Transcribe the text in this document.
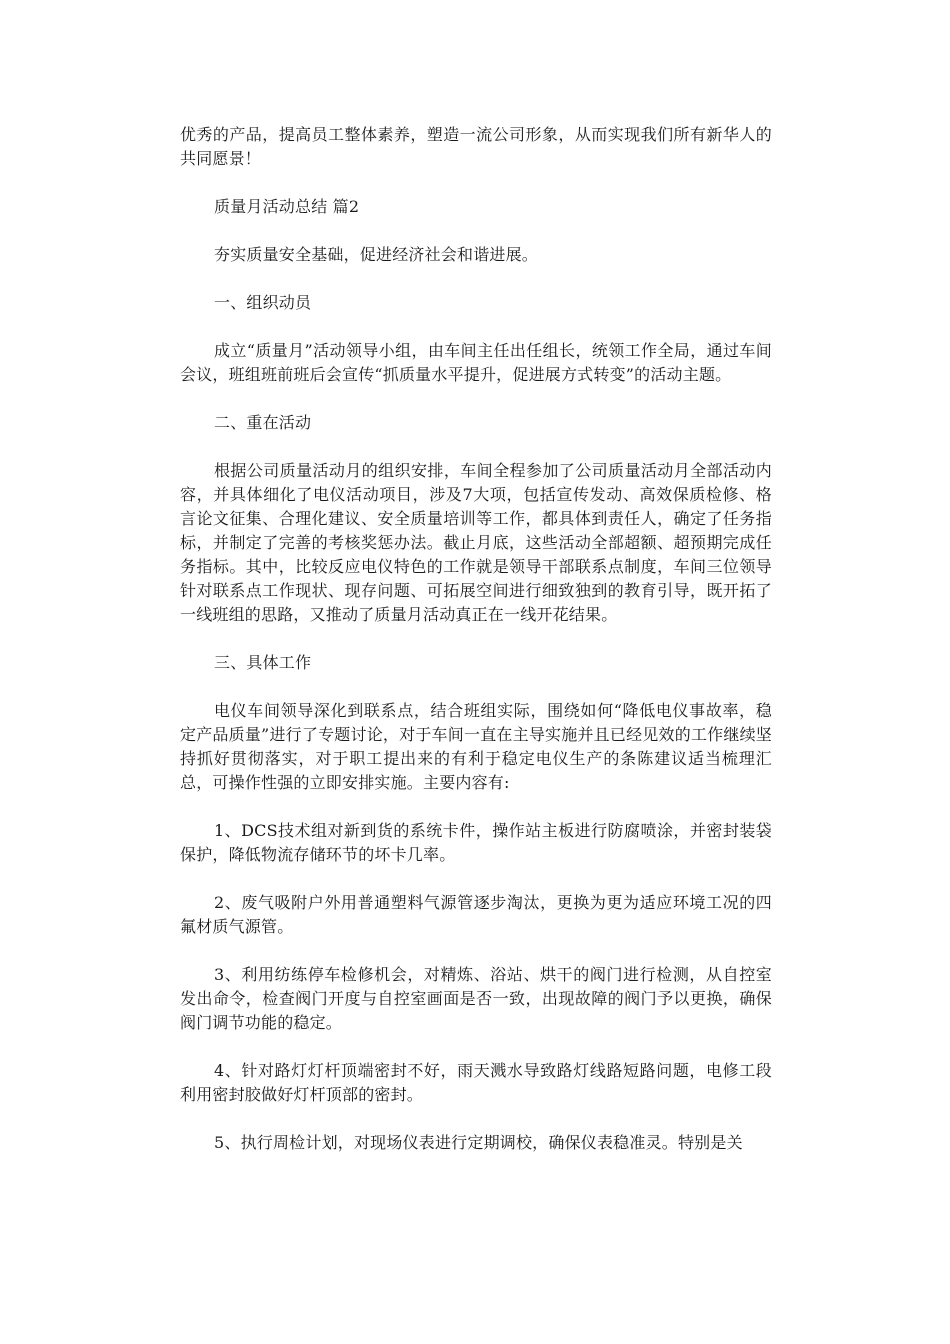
优秀的产品，提高员工整体素养，塑造一流公司形象，从而实现我们所有新华人的共同愿景！

质量月活动总结 篇2

夯实质量安全基础，促进经济社会和谐进展。

一、组织动员

成立“质量月”活动领导小组，由车间主任出任组长，统领工作全局，通过车间会议，班组班前班后会宣传“抓质量水平提升，促进展方式转变”的活动主题。

二、重在活动

根据公司质量活动月的组织安排，车间全程参加了公司质量活动月全部活动内容，并具体细化了电仪活动项目，涉及7大项，包括宣传发动、高效保质检修、格言论文征集、合理化建议、安全质量培训等工作，都具体到责任人，确定了任务指标，并制定了完善的考核奖惩办法。截止月底，这些活动全部超额、超预期完成任务指标。其中，比较反应电仪特色的工作就是领导干部联系点制度，车间三位领导针对联系点工作现状、现存问题、可拓展空间进行细致独到的教育引导，既开拓了一线班组的思路，又推动了质量月活动真正在一线开花结果。

三、具体工作

电仪车间领导深化到联系点，结合班组实际，围绕如何“降低电仪事故率，稳定产品质量”进行了专题讨论，对于车间一直在主导实施并且已经见效的工作继续坚持抓好贯彻落实，对于职工提出来的有利于稳定电仪生产的条陈建议适当梳理汇总，可操作性强的立即安排实施。主要内容有:

1、DCS技术组对新到货的系统卡件，操作站主板进行防腐喷涂，并密封装袋保护，降低物流存储环节的坏卡几率。

2、废气吸附户外用普通塑料气源管逐步淘汰，更换为更为适应环境工况的四氟材质气源管。

3、利用纺练停车检修机会，对精炼、浴站、烘干的阀门进行检测，从自控室发出命令，检查阀门开度与自控室画面是否一致，出现故障的阀门予以更换，确保阀门调节功能的稳定。

4、针对路灯灯杆顶端密封不好，雨天溅水导致路灯线路短路问题，电修工段利用密封胶做好灯杆顶部的密封。

5、执行周检计划，对现场仪表进行定期调校，确保仪表稳准灵。特别是关
